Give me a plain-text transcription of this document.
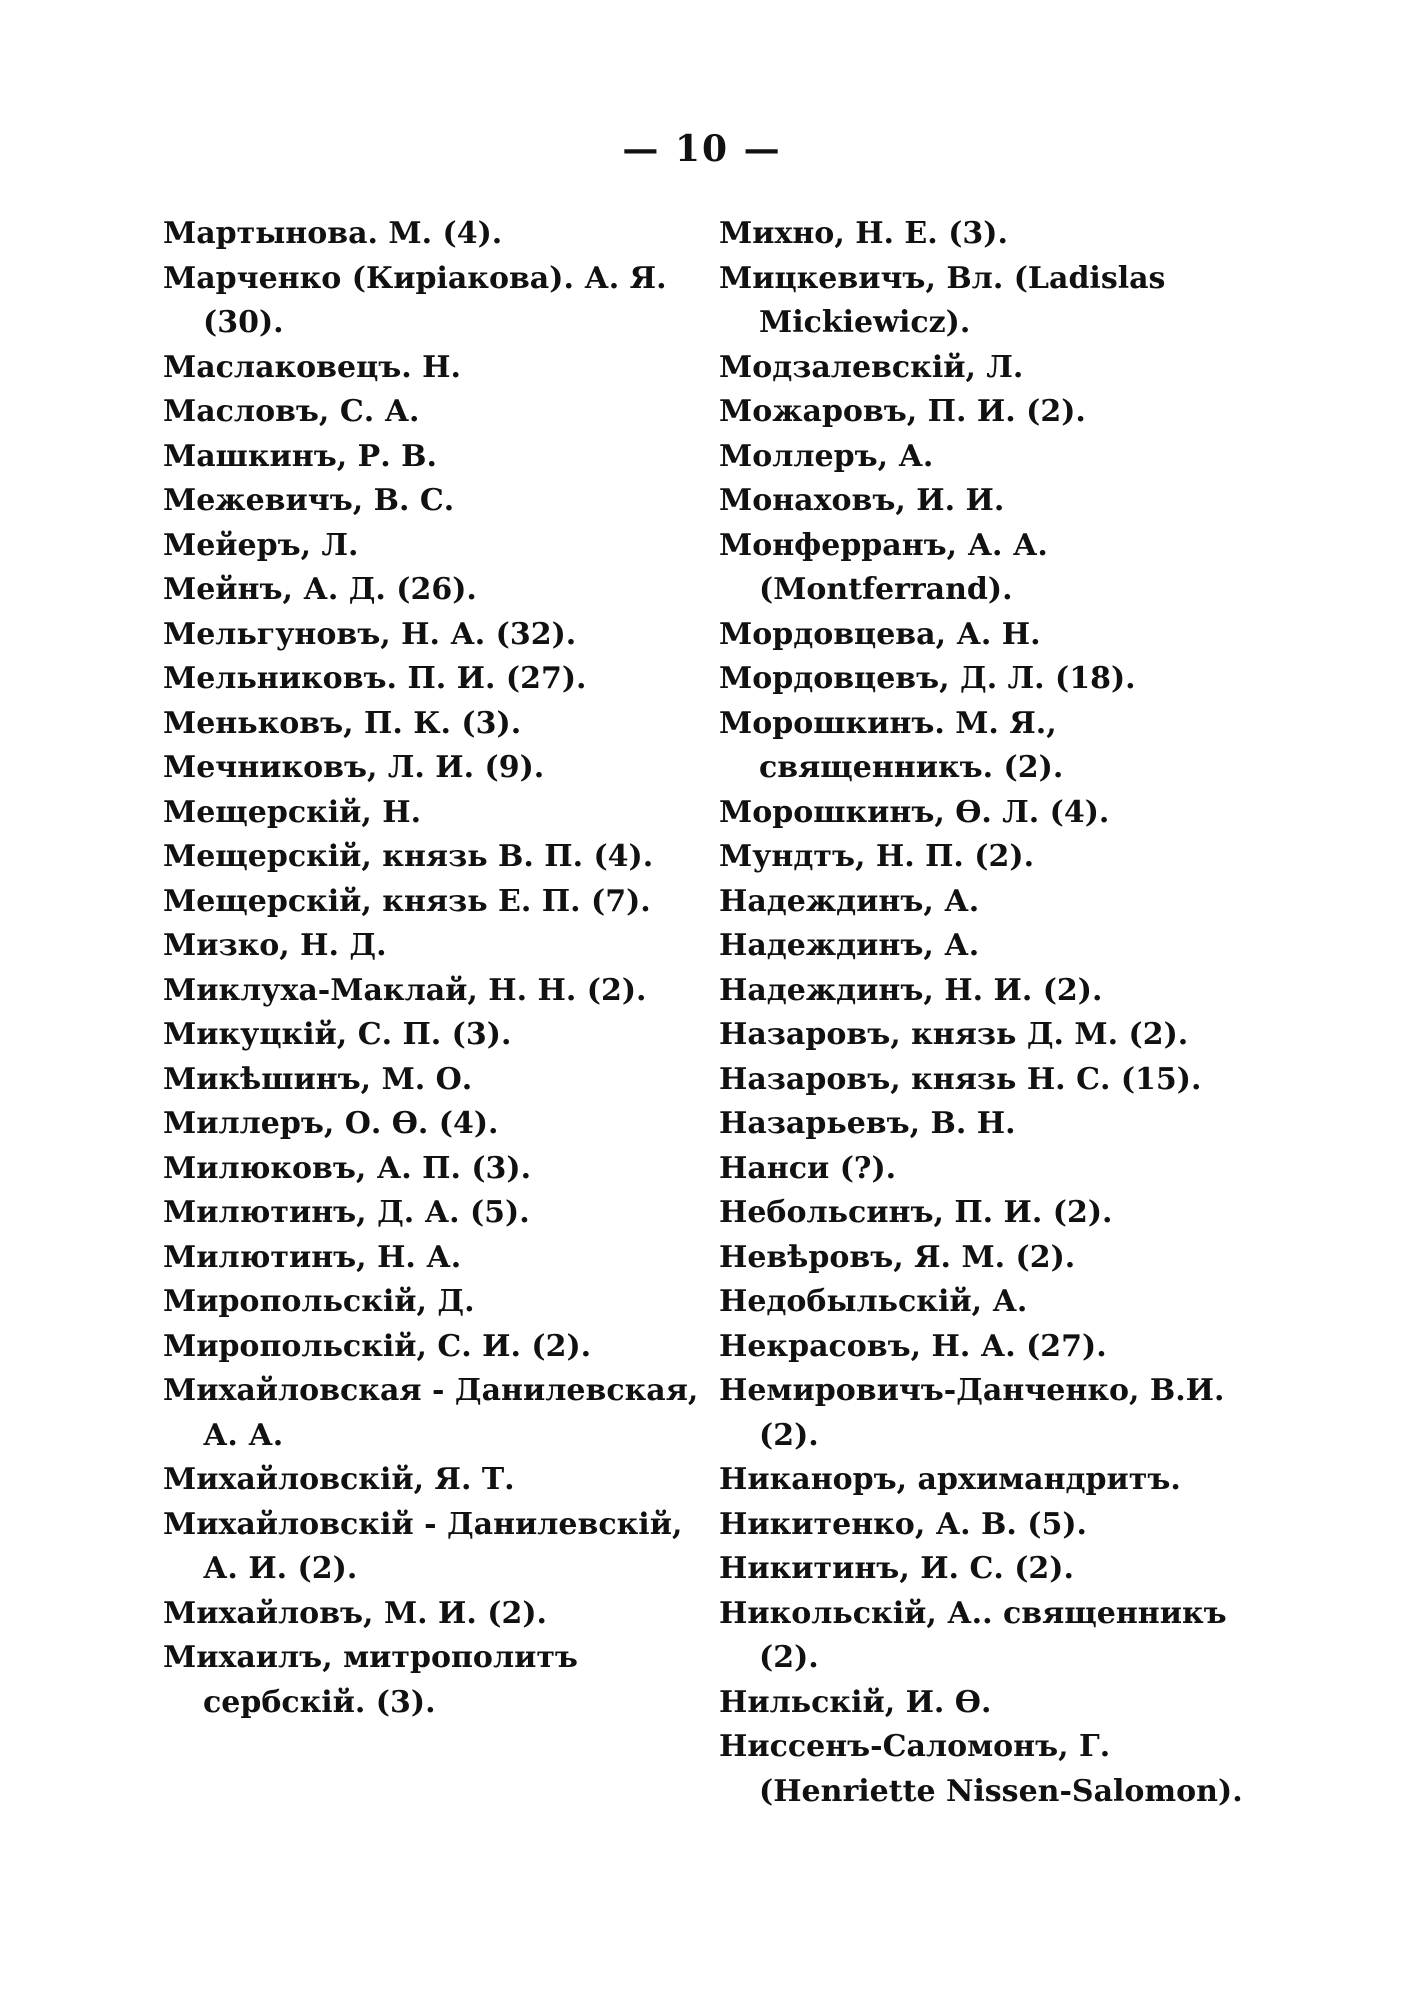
— 10 —
Мартынова. М. (4).
Марченко (Киріакова). А. Я. (30).
Маслаковецъ. Н.
Масловъ, С. А.
Машкинъ, Р. В.
Межевичъ, В. С.
Мейеръ, Л.
Мейнъ, А. Д. (26).
Мельгуновъ, Н. А. (32).
Мельниковъ. П. И. (27).
Меньковъ, П. К. (3).
Мечниковъ, Л. И. (9).
Мещерскій, Н.
Мещерскій, князь В. П. (4).
Мещерскій, князь Е. П. (7).
Мизко, Н. Д.
Миклуха-Маклай, Н. Н. (2).
Микуцкій, С. П. (3).
Микѣшинъ, М. О.
Миллеръ, О. Ѳ. (4).
Милюковъ, А. П. (3).
Милютинъ, Д. А. (5).
Милютинъ, Н. А.
Миропольскій, Д.
Миропольскій, С. И. (2).
Михайловская - Данилевская, А. А.
Михайловскій, Я. Т.
Михайловскій - Данилевскій, А. И. (2).
Михайловъ, М. И. (2).
Михаилъ, митрополитъ сербскій. (3).
Михно, Н. Е. (3).
Мицкевичъ, Вл. (Ladislas Mickiewicz).
Модзалевскій, Л.
Можаровъ, П. И. (2).
Моллеръ, А.
Монаховъ, И. И.
Монферранъ, А. А. (Montferrand).
Мордовцева, А. Н.
Мордовцевъ, Д. Л. (18).
Морошкинъ. М. Я., священникъ. (2).
Морошкинъ, Ѳ. Л. (4).
Мундтъ, Н. П. (2).
Надеждинъ, А.
Надеждинъ, А.
Надеждинъ, Н. И. (2).
Назаровъ, князь Д. М. (2).
Назаровъ, князь Н. С. (15).
Назарьевъ, В. Н.
Нанси (?).
Небольсинъ, П. И. (2).
Невѣровъ, Я. М. (2).
Недобыльскій, А.
Некрасовъ, Н. А. (27).
Немировичъ-Данченко, В.И.(2).
Никаноръ, архимандритъ.
Никитенко, А. В. (5).
Никитинъ, И. С. (2).
Никольскій, А.. священникъ (2).
Нильскій, И. Ѳ.
Ниссенъ-Саломонъ, Г. (Henriette Nissen-Salomon).
